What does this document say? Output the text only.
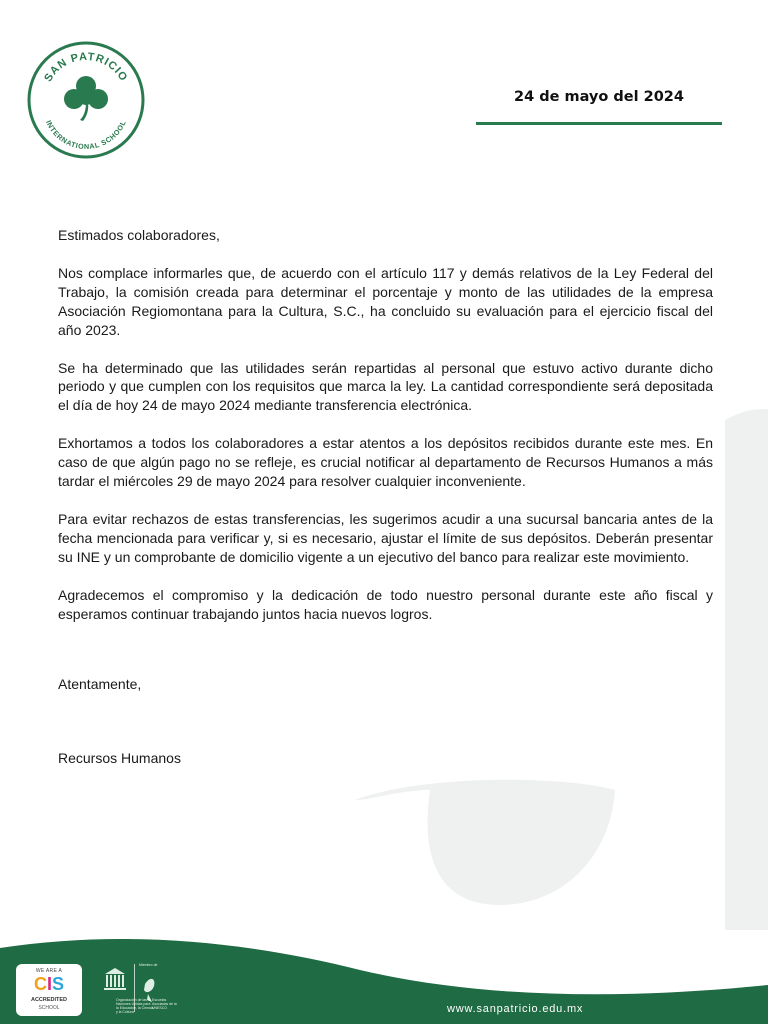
SAN PATRICIO
INTERNATIONAL SCHOOL
24 de mayo del 2024

Estimados colaboradores,

Nos complace informarles que, de acuerdo con el artículo 117 y demás relativos de la Ley Federal del Trabajo, la comisión creada para determinar el porcentaje y monto de las utilidades de la empresa Asociación Regiomontana para la Cultura, S.C., ha concluido su evaluación para el ejercicio fiscal del año 2023.

Se ha determinado que las utilidades serán repartidas al personal que estuvo activo durante dicho periodo y que cumplen con los requisitos que marca la ley. La cantidad correspondiente será depositada el día de hoy 24 de mayo 2024 mediante transferencia electrónica.

Exhortamos a todos los colaboradores a estar atentos a los depósitos recibidos durante este mes. En caso de que algún pago no se refleje, es crucial notificar al departamento de Recursos Humanos a más tardar el miércoles 29 de mayo 2024 para resolver cualquier inconveniente.

Para evitar rechazos de estas transferencias, les sugerimos acudir a una sucursal bancaria antes de la fecha mencionada para verificar y, si es necesario, ajustar el límite de sus depósitos. Deberán presentar su INE y un comprobante de domicilio vigente a un ejecutivo del banco para realizar este movimiento.

Agradecemos el compromiso y la dedicación de todo nuestro personal durante este año fiscal y esperamos continuar trabajando juntos hacia nuevos logros.

Atentamente,
Recursos Humanos
WE ARE A
CIS
ACCREDITED
SCHOOL
Organización de las Naciones Unidas para la Educación, la Ciencia y la Cultura
Miembro de
Escuelas Asociadas de la UNESCO	www.sanpatricio.edu.mx
